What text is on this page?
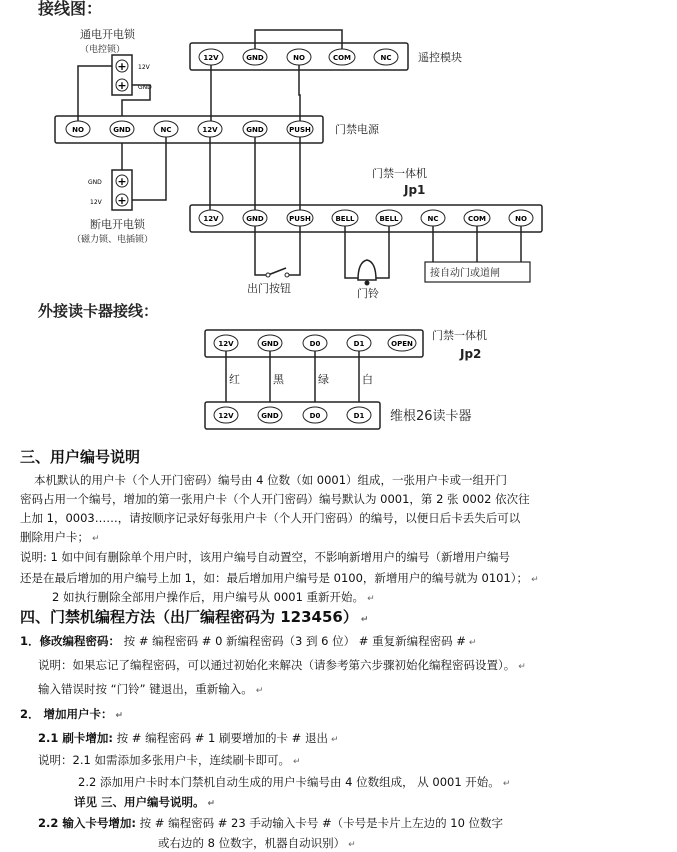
接线图：
通电开电锁
（电控锁）
+
+
12V
GND
12V	GND	NO	COM	NC 遥控模块
NO	GND	NC	12V	GND	PUSH 门禁电源
+
+
GND
12V
断电开电锁
（磁力锁、电插锁）
门禁一体机
Jp1
12V	GND	PUSH	BELL	BELL	NC	COM	NO
接自动门或道闸
出门按钮	门铃
外接读卡器接线：
门禁一体机
Jp2
12V	GND	D0	D1	OPEN
红	黑	绿	白
12V	GND	D0	D1 维根26读卡器
三、用户编号说明
本机默认的用户卡（个人开门密码）编号由 4 位数（如 0001）组成，一张用户卡或一组开门
密码占用一个编号，增加的第一张用户卡（个人开门密码）编号默认为 0001，第 2 张 0002 依次往
上加 1，0003……，请按顺序记录好每张用户卡（个人开门密码）的编号，以便日后卡丢失后可以
删除用户卡； ↵
说明: 1 如中间有删除单个用户时，该用户编号自动置空，不影响新增用户的编号（新增用户编号
还是在最后增加的用户编号上加 1，如：最后增加用户编号是 0100，新增用户的编号就为 0101）； ↵
2 如执行删除全部用户操作后，用户编号从 0001 重新开始。 ↵
四、门禁机编程方法（出厂编程密码为 123456） ↵
1．修改编程密码： 按 # 编程密码 # 0 新编程密码（3 到 6 位） # 重复新编程密码 # ↵
说明：如果忘记了编程密码，可以通过初始化来解决（请参考第六步骤初始化编程密码设置）。 ↵
输入错误时按 “门铃” 键退出，重新输入。 ↵
2． 增加用户卡： ↵
2.1 刷卡增加: 按 # 编程密码 # 1 刷要增加的卡 # 退出 ↵
说明：2.1 如需添加多张用户卡，连续刷卡即可。 ↵
2.2 添加用户卡时本门禁机自动生成的用户卡编号由 4 位数组成， 从 0001 开始。 ↵
详见 三、用户编号说明。 ↵
2.2 输入卡号增加: 按 # 编程密码 # 23 手动输入卡号 #（卡号是卡片上左边的 10 位数字
或右边的 8 位数字，机器自动识别） ↵
